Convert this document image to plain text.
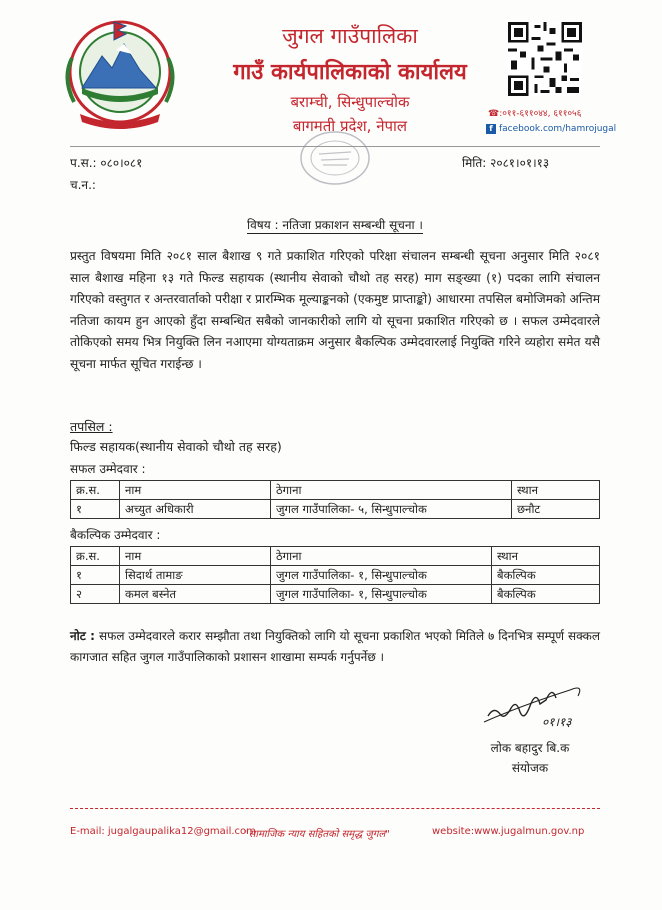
जुगल गाउँपालिका
गाउँ कार्यपालिकाको कार्यालय
बराम्ची, सिन्धुपाल्चोक
बागमती प्रदेश, नेपाल
☎:०११-६११०४४, ६११०५६
f facebook.com/hamrojugal
प.स.: ०८०।०८१
च.न.:
मिति: २०८१।०१।१३
विषय : नतिजा प्रकाशन सम्बन्धी सूचना ।
प्रस्तुत विषयमा मिति २०८१ साल बैशाख ९ गते प्रकाशित गरिएको परिक्षा संचालन सम्बन्धी सूचना अनुसार मिति २०८१ साल बैशाख महिना १३ गते फिल्ड सहायक (स्थानीय सेवाको चौथो तह सरह) माग सङ्ख्या (१) पदका लागि संचालन गरिएको वस्तुगत र अन्तरवार्ताको परीक्षा र प्रारम्भिक मूल्याङ्कनको (एकमुष्ट प्राप्ताङ्को) आधारमा तपसिल बमोजिमको अन्तिम नतिजा कायम हुन आएको हुँदा सम्बन्धित सबैको जानकारीको लागि यो सूचना प्रकाशित गरिएको छ । सफल उम्मेदवारले तोकिएको समय भित्र नियुक्ति लिन नआएमा योग्यताक्रम अनुसार बैकल्पिक उम्मेदवारलाई नियुक्ति गरिने व्यहोरा समेत यसै सूचना मार्फत सूचित गराईन्छ ।
तपसिल :
फिल्ड सहायक(स्थानीय सेवाको चौथो तह सरह)
सफल उम्मेदवार :
क्र.स.	नाम	ठेगाना	स्थान
१	अच्युत अधिकारी	जुगल गाउँपालिका- ५, सिन्धुपाल्चोक	छनौट
बैकल्पिक उम्मेदवार :
क्र.स.	नाम	ठेगाना	स्थान
१	सिदार्थ तामाङ	जुगल गाउँपालिका- १, सिन्धुपाल्चोक	बैकल्पिक
२	कमल बस्नेत	जुगल गाउँपालिका- १, सिन्धुपाल्चोक	बैकल्पिक
नोट : सफल उम्मेदवारले करार सम्झौता तथा नियुक्तिको लागि यो सूचना प्रकाशित भएको मितिले ७ दिनभित्र सम्पूर्ण सक्कल कागजात सहित जुगल गाउँपालिकाको प्रशासन शाखामा सम्पर्क गर्नुपर्नेछ ।
०१।१३
लोक बहादुर बि.क
संयोजक
E-mail: jugalgaupalika12@gmail.com
"सामाजिक न्याय सहितको समृद्ध जुगल"	website:www.jugalmun.gov.np
